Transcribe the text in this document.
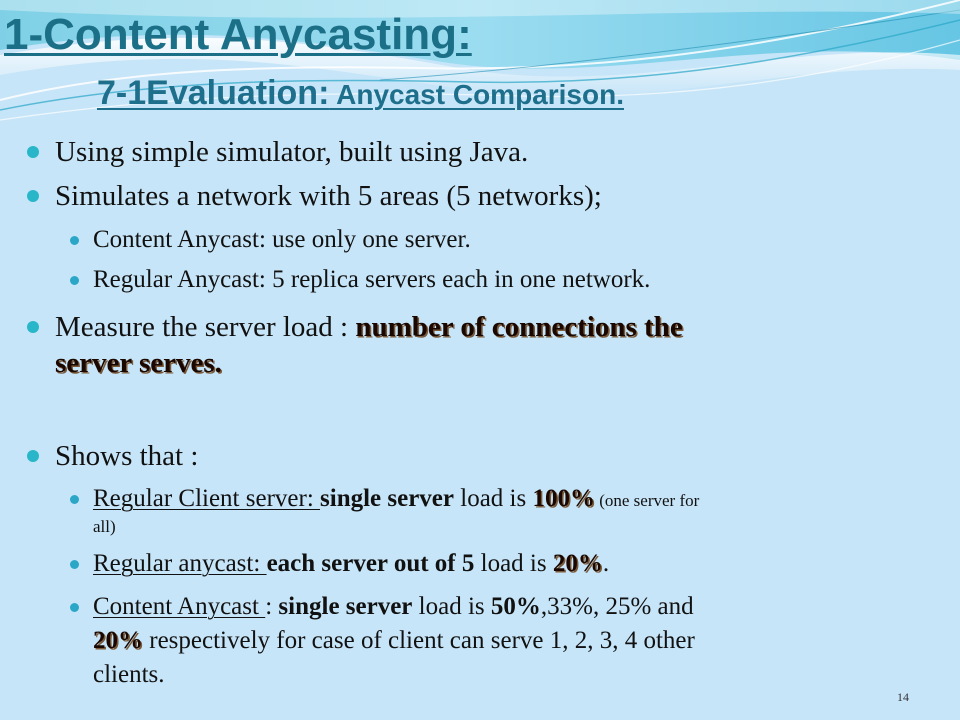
1-Content Anycasting:
7-1Evaluation: Anycast Comparison.
Using simple simulator, built using Java.
Simulates a network with 5 areas (5 networks);
Content Anycast: use only one server.
Regular Anycast: 5 replica servers each in one network.
Measure the server load : number of connections the
server serves.
Shows that :
Regular Client server: single server load is 100% (one server for
all)
Regular anycast: each server out of 5 load is 20%.
Content Anycast : single server load is 50%,33%, 25% and
20% respectively for case of client can serve 1, 2, 3, 4 other
clients.
14
